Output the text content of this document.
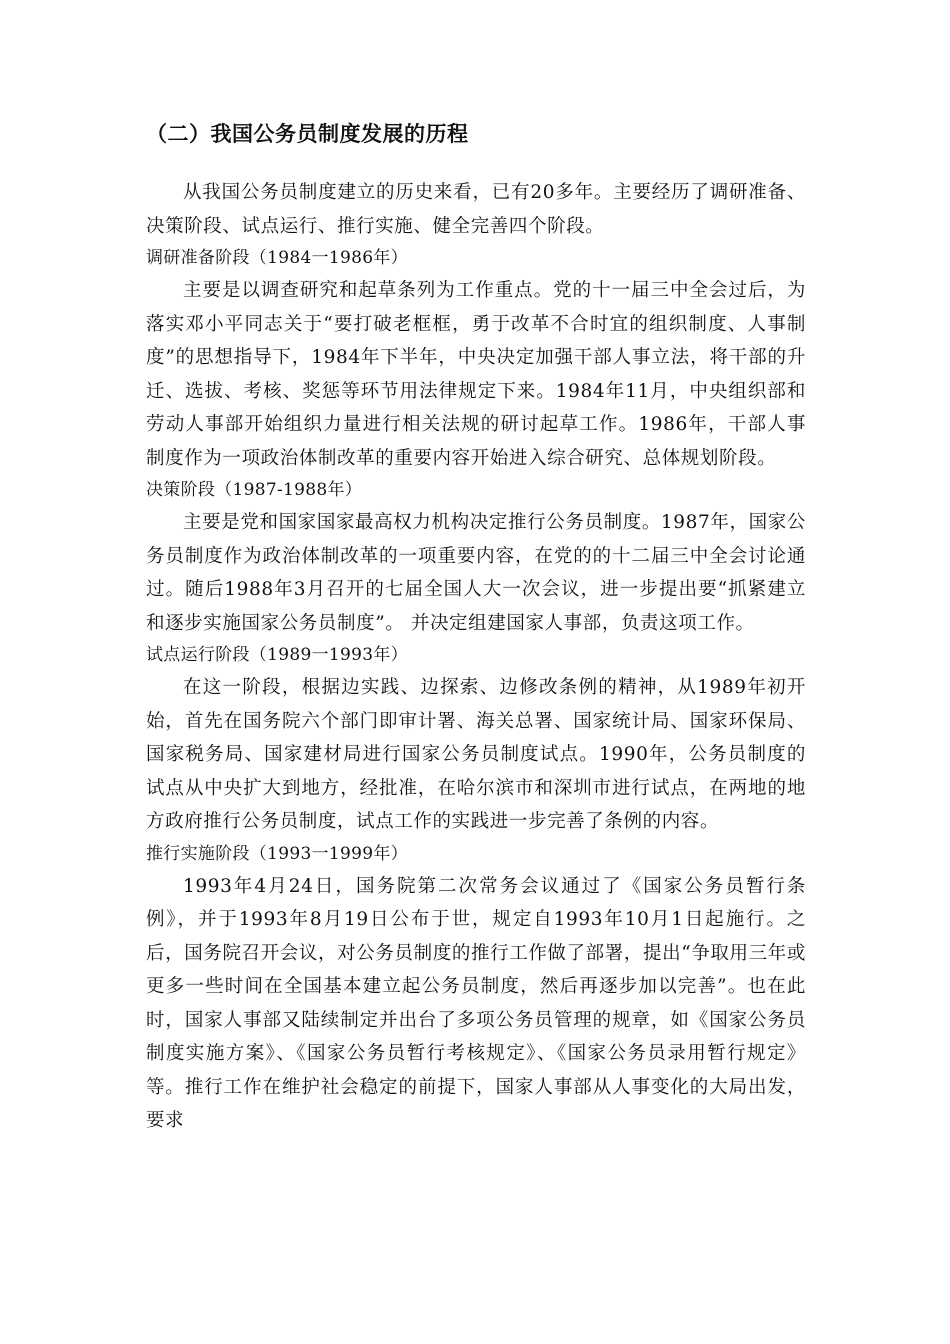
（二）我国公务员制度发展的历程

从我国公务员制度建立的历史来看，已有20多年。主要经历了调研准备、决策阶段、试点运行、推行实施、健全完善四个阶段。

调研准备阶段（1984一1986年）

主要是以调查研究和起草条列为工作重点。党的十一届三中全会过后，为落实邓小平同志关于“要打破老框框，勇于改革不合时宜的组织制度、人事制度”的思想指导下，1984年下半年，中央决定加强干部人事立法，将干部的升迁、选拔、考核、奖惩等环节用法律规定下来。1984年11月，中央组织部和劳动人事部开始组织力量进行相关法规的研讨起草工作。1986年，干部人事制度作为一项政治体制改革的重要内容开始进入综合研究、总体规划阶段。

决策阶段（1987-1988年）

主要是党和国家国家最高权力机构决定推行公务员制度。1987年，国家公务员制度作为政治体制改革的一项重要内容，在党的的十二届三中全会讨论通过。随后1988年3月召开的七届全国人大一次会议，进一步提出要“抓紧建立和逐步实施国家公务员制度”。 并决定组建国家人事部，负责这项工作。

试点运行阶段（1989一1993年）

在这一阶段，根据边实践、边探索、边修改条例的精神，从1989年初开始，首先在国务院六个部门即审计署、海关总署、国家统计局、国家环保局、国家税务局、国家建材局进行国家公务员制度试点。1990年，公务员制度的试点从中央扩大到地方，经批准，在哈尔滨市和深圳市进行试点，在两地的地方政府推行公务员制度，试点工作的实践进一步完善了条例的内容。

推行实施阶段（1993一1999年）

1993年4月24日，国务院第二次常务会议通过了《国家公务员暂行条例》，并于1993年8月19日公布于世，规定自1993年10月1日起施行。之后，国务院召开会议，对公务员制度的推行工作做了部署，提出“争取用三年或更多一些时间在全国基本建立起公务员制度，然后再逐步加以完善”。也在此时，国家人事部又陆续制定并出台了多项公务员管理的规章，如《国家公务员制度实施方案》、《国家公务员暂行考核规定》、《国家公务员录用暂行规定》等。推行工作在维护社会稳定的前提下，国家人事部从人事变化的大局出发，要求
